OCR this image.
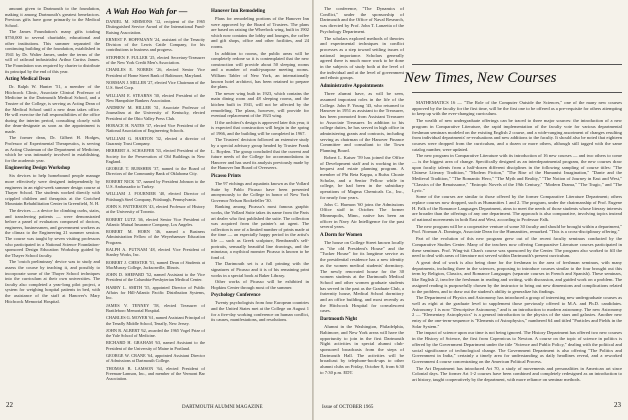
amount given to Dartmouth to the foundation, making it among Dartmouth's greatest benefactors. Previous gifts have gone primarily to the Medical School.

The James Foundation's many gifts totaling $750,000 to several charitable, educational and other institutions. This summer separated the continuing building of the foundation, established in 1941 by Dr. Walter James, under the terms of the will of railroad industrialist Arthur Curtiss James. The Foundation was required by charter to distribute its principal by the end of this year.

Acting Medical Dean

Dr. Ralph W. Hunter '51, a member of the Hitchcock Clinic, Associate Clinical Professor of Medicine in the Dartmouth Medical School, and a Trustee of the College, is serving as Acting Dean of the Medical School until a new dean takes office. He will exercise the full responsibilities of the office during the interim period, consulting closely with the dean-designate as soon as the appointment is made.

The former dean, Dr. Gilbert H. Hodges, Professor of Experimental Therapeutics, is serving as Acting Chairman of the Department of Medicine, which he was intimately involved in establishing, for the academic year.

Engineering Design Workshop

Six devices to help homebound people manage more effectively were designed independently by engineers in an eight-week summer design course at Thayer School. The students worked directly with crippled children and therapists at the Crotched Mountain Rehabilitation Center in Greenfield, N. H.

The devices — a device for climbing curbs, stairs, and transferring patients — were demonstrated before a panel of evaluators composed of doctors, engineers, businessmen, and government workers as the climax to the Engineering 21 summer session. The course was taught by seven visiting professors who participated in a National Science Foundation-sponsored Design Education Workshop guided by the Thayer School faculty.

The 'crutch preliminary' device was to study and assess the course by teaching it, and possibly to incorporate some of the Thayer School techniques into the curriculum at their own universities. The faculty also completed a year-long pilot project, a system for weighing hospital patients in bed, with the assistance of the staff at Hanover's Mary Hitchcock Memorial Hospital.

A Wah Hoo Wah for —
DANIEL M. SIMMONS '12, recipient of the 1965 Distinguished Service Award of the International Fund-Raising Association.
ERNEST P. HOFFMANN '24, assistant of the Tenacity Division of the Lewis Cattle Company, for his contributions to business and progress.
STEPHEN F. FULLER '25, elected Secretary-Treasurer of the New York Credit Men's Association.
CHARLES E. NORRIS '26, elected Senior Vice President of Home Street Bank of Baltimore, Maryland.
NORMAN J. MILLER '27, elected Vice Chairman of the U.S. Steel Corp.
WILLIAM E. STEARNS '30, elected President of the New Hampshire Bankers Association.
ANDREW M. HILLER '31, Associate Professor of Journalism at the University of Kentucky, elected President of the Ohio Valley Press Club.
HORACE H. NATES '37, elected Vice President of the National Association of Engineering Schools.
WILLIAM G. HARTON '32, elected a director of Guaranty Trust Company.
HERBERT A. SCHAEFER '33, elected President of the Society for the Preservation of Old Buildings in New England.
GEORGE T. BURSHER '37, named to the Board of Directors of the Community Bank of Oklahoma City.
ROBERT NICK '37, named by President Johnson to the U.S. Ambassador to Turkey.
WILLIAM J. FOURNIER '40, elected Director of Pittsburgh Steel Company, Pittsburgh, Pennsylvania.
JOHN S. PATTERSON '43, elected Professor of History at the University of Toronto.
ROBERT LUTZ '46, elected Senior Vice President of Atlantic Mutual Insurance Company, Los Angeles.
ROBERT M. HORN '46, named a Business Administration Fellow of the Weyerhaeuser Education Program.
RALPH A. PUTNAM '48, elected Vice President of Stanley Works, Inc.
ROBERT J. CHESTER '51, named Dean of Students at MacMurray College, Jacksonville, Illinois.
JOHN D. SHEPARD '52, named Assistant to the Vice President of the Columbia-Presbyterian Medical Center.
HARRY L. SMITH '55, appointed Director of Public Affairs for Hill-Atlantic Pacific Distribution Systems, Inc.
JAMES V. TENNEY '58, elected Treasurer of Brattleboro Memorial Hospital.
CHARLES G. MOYER '61, named Assistant Principal of the Tenafly Middle School, Tenafly, New Jersey.
JOHN R. ALBERT '62, awarded the 1965 Vogel Prize of the Yale School of Medicine.
RICHARD H. GRAHAM '63, named Assistant to the President of the University of Maine in Portland.
GEORGE W. CRANE '64, appointed Assistant Director of Admissions at Dartmouth College.
THOMAS B. LAMSON '64, elected President of Freeman-Lamson, Inc., and member of the Vermont Bar Association.
Hanover Inn Remodeling

Plans for remodeling portions of the Hanover Inn were approved by the Board of Trustees. The plans are based on raising the Wheelock wing, built in 1902 which now contains the lobby and lounges, the coffee and gift shops, office and other facilities, and 24 rooms.

In addition to rooms, the public areas will be completely redone so it is contemplated that the new construction will provide about 50 sleeping rooms and a number of multi-purpose meeting rooms. William Tabler of New York, an internationally known hotel architect, has been retained to prepare the plans.

The newer wing built in 1923, which contains the main dining room and 48 sleeping rooms, and the kitchen built in 1941, will not be affected by the remodeling. The plans, however, will provide for eventual replacement of the 1923 wing.

If the architect's design is approved later this year, it is expected that construction will begin in the spring of 1966, and the building will be completed in 1967.

The Trustees' decision followed an extensive study by a special advisory group headed by Trustee Frank L. Boyden. The group concluded that the current and future needs of the College for accommodations in Hanover and has used its analysis previously made by the Hanover Inn Board of Overseers.

Picasso Prints

The 97 etchings and aquatints known as the Vollard Suite by Pablo Picasso have been presented anonymously to the College in honor of New York Governor Nelson Rockefeller '30.

Ranking among Picasso's most famous graphic works, the Vollard Suite takes its name from the Paris art dealer who first published the suite. The collection was acquired from the painter's art agent. The collection is one of a limited number of prints made at the time — an especially happy period in the artist's life — such as Greek sculpture, Rembrandt's self-portraits, sensually beautiful line drawings, and the minotaur, a mythical monster Picasso is known to be fond of.

The Dartmouth set is a full printing with the signatures of Picasso and it is of his remaining print works in a special book at Baker Library.

Other works of Picasso will be exhibited in Hopkins Center through most of the summer.

Psychology Conference

Twenty psychologists from four European countries and the United States met at the College on August 1 for a five-day working conference on human conflict, its causes, manifestations, and resolutions.

22	DARTMOUTH ALUMNI MAGAZINE

The conference, "The Dynamics of Conflict," under the sponsorship of Dartmouth and the Office of Naval Research, was directed by Prof. John T. Lanzetta of the Psychology Department.

The scholars explored methods of theories and experimental techniques in conflict processes as a step toward settling issues of national importance. Scholars generally agreed there is much more work to be done in the subjects of study both at the level of the individual and at the level of government and ethnic groups.

Administrative Appointments

Three alumni have, as will be seen, assumed important roles in the life of the College. John F. Young '43, who returned to Hanover in 1951 as assistant to the Treasurer, has been promoted from Assistant Treasurer to Associate Treasurer. In addition to his college duties, he has served in high office in administering grants and contracts, including serving as chairman of the Hanover Finance Committee and consultant to the Town Planning Board.

Robert L. Kaiser '59 has joined the Office of Development staff and is working in the bequest and estate planning program. A member of Phi Beta Kappa, a Rufus Choate Scholar, and a Senior Fellow while in college, he had been in the subsidiary operations of Magma Chemicals Co., Inc., for nearly four years.

John C. Harmon '60 joins the Admissions Office staff in October. The former Minneapolis, Minn., native has been an officer in Navy Air Intelligence for the past several years.

A Dorm for Women

The house on College Street known locally as "the old President's House" and the "Tucker House" for its longtime service as the presidential residence has a new identity as the women medical students' dormitory. The newly renovated house for the 30 women students at the Dartmouth Medical School and other women graduate students has served in the past as the Graduate Club, a fraternity house, Medical School dormitory and an office building, and most recently as the Hitchcock Hospital for convalescent cases.

Dartmouth Night

Alumni in the Washington, Philadelphia, Baltimore, and New York areas will have the opportunity to join in the first Dartmouth Night activities in special alumni club-sponsored broadcasts from the steps of Dartmouth Hall. The activities will be broadcast by telephone-hook-ups to other alumni clubs on Friday, October 8, from 6:30 to 7:30 p.m. EDT.

MATHEMATICS 16 — "The Role of the Computer Outside the Sciences," one of the many new courses approved by the faculty for the first time, will be the first one to be offered as a pre-requisite for others attempting to keep up with the ever-changing curriculum.

The wealth of new undergraduate offerings can be traced to three major sources: the introduction of a new program in Comparative Literature, the rapid implementation of the faculty vote for various departmental freshman seminars modeled on the existing English 2 course, and a wide-ranging assortment of changes resulting from individual departments' re-evaluations and new additions to the faculty. It should also be noted that eighteen courses were dropped from the curriculum, and a dozen or more others, although still tagged with the same catalog number, were updated.

The new program in Comparative Literature with its introduction of 16 new courses — and two others to come — is the biggest area of change. Specifically designed as an interdepartmental program, the new courses draw upon faculty talents from a half-dozen different disciplines in the following sampling of course titles: "The Chinese Literary Tradition," "Modern Fiction," "The Rise of the Humanist Imagination," "Dante and the Medieval Tradition," "The Romantic Hero," "The Myth and Reality," "The Notion of Journey in East and West," "Classics of the Renaissance," "Entropic Novels of the 19th Century," "Modern Drama," "The Tragic," and "The Lyric."

Some of the courses are similar to those offered by the former Comparative Literature Department; others replace courses now dropped, such as Humanities 1 and 2. The program, under the chairmanship of Prof. Eugene H. Falk of the Romance Languages Department, aims to meet the needs of those students whose literary interests are broader than the offerings of any one department. The approach is also comparative, involving topics instead of national movements in both East and West, according to Professor Falk.

The new program will be a cooperative venture of some 30 faculty and should be brought within a department," Prof. Norman A. Domingo, Associate Dean for the Humanities, remarked. "This is a cross-disciplinary offering."

Part of the evolution of this new program grew out of the recent faculty seminars conducted by the Comparative Studies Center. Many of the teachers now offering Comparative Literature courses participated in these seminars. Prof. Wing-tsit Chan's course was sponsored by the Center. The program also worked to fill the need to deal with areas of literature not served within Dartmouth's present curriculum.

A great deal of work is also being done for the freshman in the area of freshman seminars, with many departments, including three in the sciences, proposing to introduce courses similar to the four brought out this term by Religion, Classics, and Romance Languages (separate courses in French and Spanish). These seminars, like English 2, involve the freshman in reading and writing, with discussion, and guided work on a problem. The assigned reading is purposefully chosen by the instructor to bring out new dimensions and complications related to the problem, and to draw out the student's ability to generalize his findings.

The Department of Physics and Astronomy has introduced a group of interesting new undergraduate courses as well as eight at the graduate level to supplement those previously offered to M.A. and Ph.D. candidates. Astronomy 1 is now "Descriptive Astronomy," and is an introduction to modern astronomy. The new Astronomy 2 — "Elementary Astrophysics" is a general introduction to the physics of the stars and galaxies. Another new entry of the one-term-sequence is "Elements of Astrophysics," numbered 64 and titled "Particles and Fields in the Solar System."

The impact of science upon our time is not being ignored. The History Department has offered two new courses in the History of Science, the first from Copernicus to Newton. A course on the topic of science in politics is offered by the Government Department under the title "Science and Public Policy," dealing with the political and social significance of technological change. The Government Department is also offering "The Politics and Government in India," certainly a timely area for understanding as daily headlines reveal, and a reworked Government 4 course concentrating on the American Political Process.

The Art Department has introduced Art 70, a study of movements and personalities in American art since Colonial days. The former Art 1-2 courses have been combined and completely redesigned as an introduction to art history, taught cooperatively by the department, with more reliance on seminar methods.

23
Issue of OCTOBER 1965
New Times, New Courses
